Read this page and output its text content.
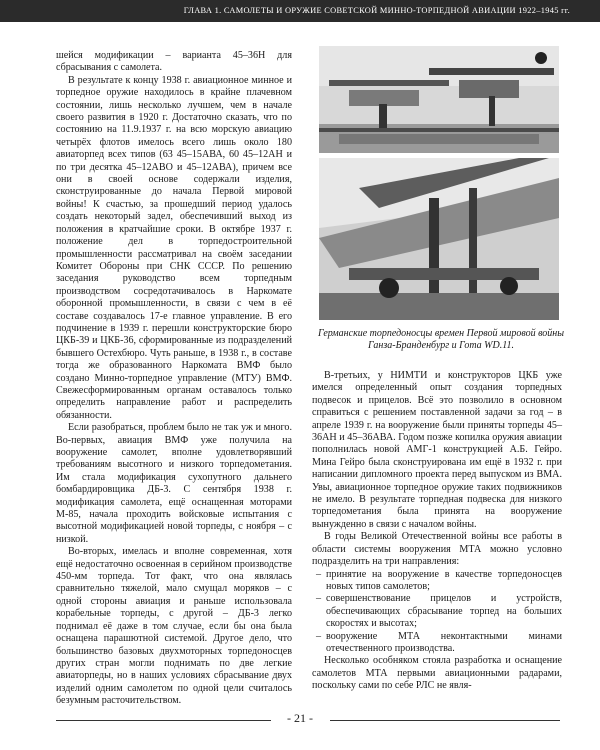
ГЛАВА 1. САМОЛЕТЫ И ОРУЖИЕ СОВЕТСКОЙ МИННО-ТОРПЕДНОЙ АВИАЦИИ 1922–1945 гг.

шейся модификации – варианта 45–36Н для сбрасывания с самолета.

В результате к концу 1938 г. авиационное минное и торпедное оружие находилось в крайне плачевном состоянии, лишь несколько лучшем, чем в начале своего развития в 1920 г. Достаточно сказать, что по состоянию на 11.9.1937 г. на всю морскую авиацию четырёх флотов имелось всего лишь около 180 авиаторпед всех типов (63 45–15АВА, 60 45–12АН и по три десятка 45–12АВО и 45–12АВА), причем все они в своей основе содержали изделия, сконструированные до начала Первой мировой войны! К счастью, за прошедший период удалось создать некоторый задел, обеспечивший выход из положения в кратчайшие сроки. В октябре 1937 г. положение дел в торпедостроительной промышленности рассматривал на своём заседании Комитет Обороны при СНК СССР. По решению заседания руководство всем торпедным производством сосредотачивалось в Наркомате оборонной промышленности, в связи с чем в её составе создавалось 17-е главное управление. В его подчинение в 1939 г. перешли конструкторские бюро ЦКБ-39 и ЦКБ-36, сформированные из подразделений бывшего Остехбюро. Чуть раньше, в 1938 г., в составе тогда же образованного Наркомата ВМФ было создано Минно-торпедное управление (МТУ) ВМФ. Свежесформированным органам оставалось только определить направление работ и распределить обязанности.

Если разобраться, проблем было не так уж и много. Во-первых, авиация ВМФ уже получила на вооружение самолет, вполне удовлетворявший требованиям высотного и низкого торпедометания. Им стала модификация сухопутного дальнего бомбардировщика ДБ-3. С сентября 1938 г. модификация самолета, ещё оснащенная моторами М-85, начала проходить войсковые испытания с высотной модификацией новой торпеды, с ноября – с низкой.

Во-вторых, имелась и вполне современная, хотя ещё недостаточно освоенная в серийном производстве 450-мм торпеда. Тот факт, что она являлась сравнительно тяжелой, мало смущал моряков – с одной стороны авиация и раньше использовала корабельные торпеды, с другой – ДБ-3 легко поднимал её даже в том случае, если бы она была оснащена парашютной системой. Другое дело, что большинство базовых двухмоторных торпедоносцев других стран могли поднимать по две легкие авиаторпеды, но в наших условиях сбрасывание двух изделий одним самолетом по одной цели считалось безумным расточительством.

Германские торпедоносцы времен Первой мировой войны Ганза-Бранденбург и Гота WD.11.

В-третьих, у НИМТИ и конструкторов ЦКБ уже имелся определенный опыт создания торпедных подвесок и прицелов. Всё это позволило в основном справиться с решением поставленной задачи за год – в апреле 1939 г. на вооружение были приняты торпеды 45–36АН и 45–36АВА. Годом позже копилка оружия авиации пополнилась новой АМГ-1 конструкцией А.Б. Гейро. Мина Гейро была сконструирована им ещё в 1932 г. при написании дипломного проекта перед выпуском из ВМА. Увы, авиационное торпедное оружие таких подвижников не имело. В результате торпедная подвеска для низкого торпедометания была принята на вооружение вынужденно в связи с началом войны.

В годы Великой Отечественной войны все работы в области системы вооружения МТА можно условно подразделить на три направления:

– принятие на вооружение в качестве торпедоносцев новых типов самолетов;
– совершенствование прицелов и устройств, обеспечивающих сбрасывание торпед на больших скоростях и высотах;
– вооружение МТА неконтактными минами отечественного производства.

Несколько особняком стояла разработка и оснащение самолетов МТА первыми авиационными радарами, поскольку сами по себе РЛС не явля-

- 21 -
